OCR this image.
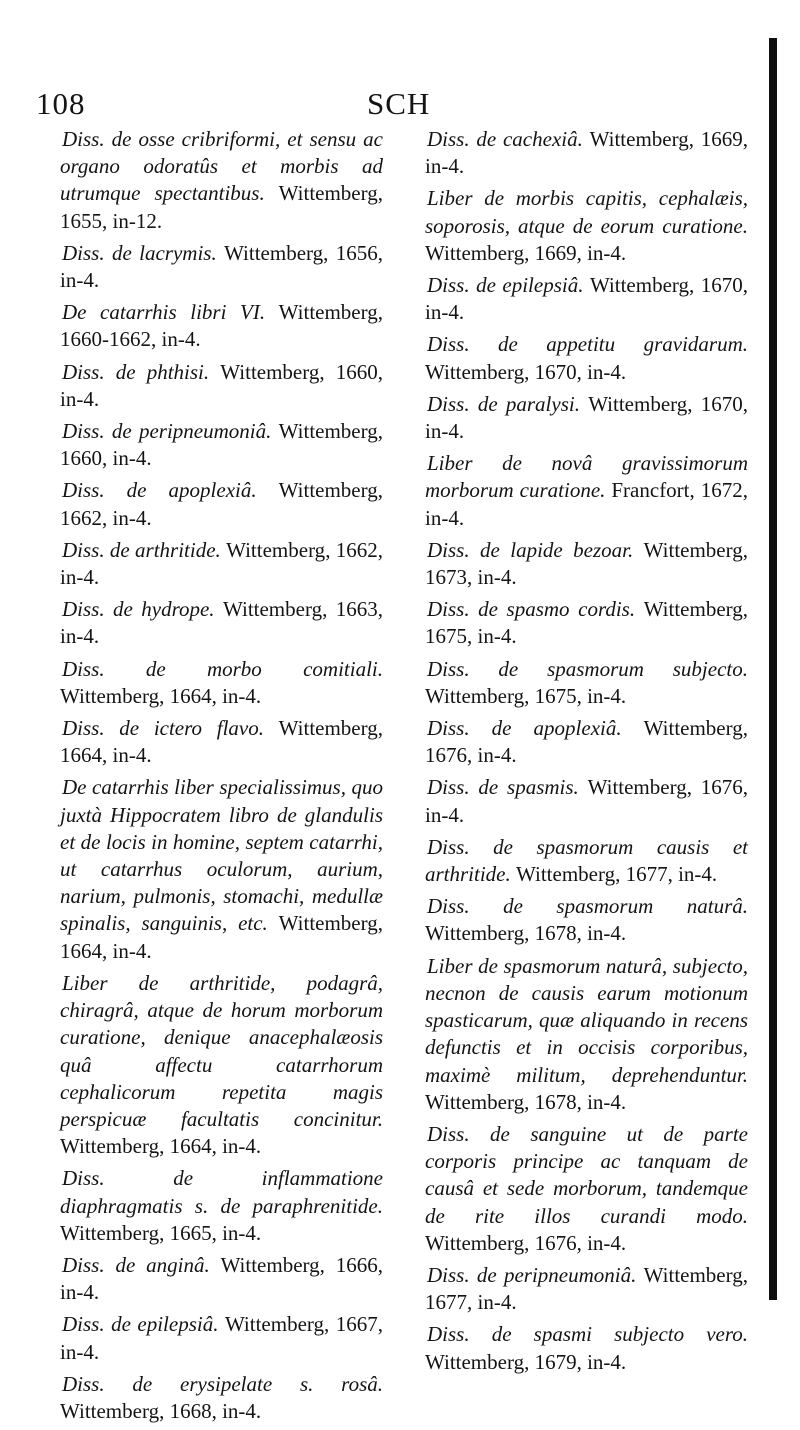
108	SCH

Diss. de osse cribriformi, et sensu ac organo odoratûs et morbis ad utrumque spectantibus. Wittemberg , 1655 , in-12 .

Diss. de lacrymis. Wittemberg , 1656, in-4 .

De catarrhis libri VI. Wittemberg , 1660-1662 , in-4 .

Diss. de phthisi. Wittemberg , 1660, in-4 .

Diss. de peripneumoniâ. Wittemberg , 1660 , in-4 .

Diss. de apoplexiâ. Wittemberg , 1662 , in-4 .

Diss. de arthritide. Wittemberg , 1662, in-4 .

Diss. de hydrope. Wittemberg , 1663, in-4 .

Diss. de morbo comitiali.Wittemberg , 1664 , in-4 .

Diss. de ictero flavo. Wittemberg , 1664 , in-4 .

De catarrhis liber specialissimus, quo juxtà Hippocratem libro de glandulis et de locis in homine, septem catarrhi, ut catarrhus oculorum, aurium, narium, pulmonis, stomachi, medullæ spinalis, sanguinis, etc. Wittemberg , 1664 , in-4 .

Liber de arthritide, podagrâ, chiragrâ, atque de horum morborum curatione, denique anacephalæosis quâ affectu catarrhorum cephalicorum repetita magis perspicuæ facultatis concinitur.Wittemberg , 1664 , in-4 .

Diss. de inflammatione diaphragmatis s. de paraphrenitide.Wittemberg , 1665 , in-4 .

Diss. de anginâ. Wittemberg , 1666, in-4 .

Diss. de epilepsiâ. Wittemberg , 1667, in-4 .

Diss. de erysipelate s. rosâ.Wittemberg , 1668 , in-4 .

Diss. de cachexiâ. Wittemberg , 1669, in-4 .

Liber de morbis capitis, cephalæis, soporosis, atque de eorum curatione.Wittemberg , 1669 , in-4 .

Diss. de epilepsiâ. Wittemberg , 1670, in-4 .

Diss. de appetitu gravidarum.Wittemberg , 1670 , in-4 .

Diss. de paralysi. Wittemberg , 1670, in-4 .

Liber de novâ gravissimorum morborum curatione. Francfort , 1672, in-4 .

Diss. de lapide bezoar. Wittemberg , 1673 , in-4 .

Diss. de spasmo cordis. Wittemberg , 1675 , in-4 .

Diss. de spasmorum subjecto.Wittemberg , 1675 , in-4 .

Diss. de apoplexiâ. Wittemberg , 1676 , in-4 .

Diss. de spasmis. Wittemberg , 1676, in-4 .

Diss. de spasmorum causis et arthritide. Wittemberg , 1677 , in-4 .

Diss. de spasmorum naturâ.Wittemberg , 1678 , in-4 .

Liber de spasmorum naturâ, subjecto, necnon de causis earum motionum spasticarum, quæ aliquando in recens defunctis et in occisis corporibus, maximè militum, deprehenduntur.Wittemberg , 1678 , in-4 .

Diss. de sanguine ut de parte corporis principe ac tanquam de causâ et sede morborum, tandemque de rite illos curandi modo.Wittemberg , 1676 , in-4 .

Diss. de peripneumoniâ. Wittemberg , 1677 , in-4 .

Diss. de spasmi subjecto vero.Wittemberg , 1679 , in-4 .
